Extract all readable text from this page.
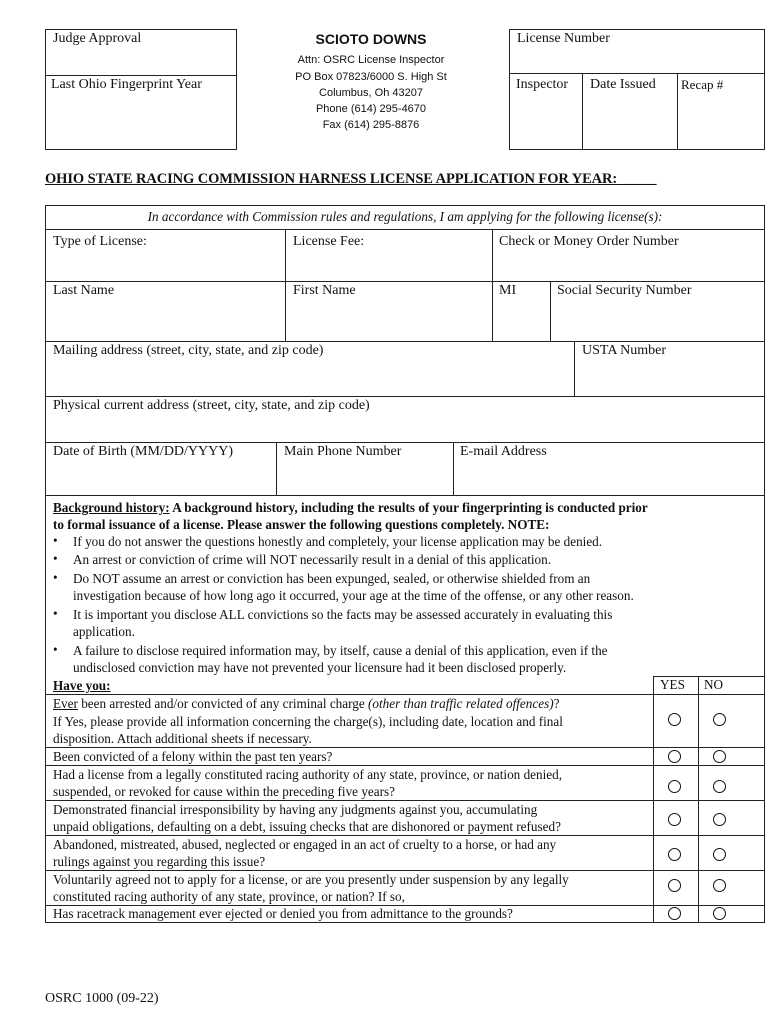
Judge Approval
Last Ohio Fingerprint Year
SCIOTO DOWNS
Attn: OSRC License Inspector
PO Box 07823/6000 S. High St
Columbus, Oh 43207
Phone (614) 295-4670
Fax (614) 295-8876
License Number
Inspector Date Issued Recap #
OHIO STATE RACING COMMISSION HARNESS LICENSE APPLICATION FOR YEAR: _____
In accordance with Commission rules and regulations, I am applying for the following license(s):
Type of License:	License Fee:	Check or Money Order Number
Last Name	First Name	MI	Social Security Number
Mailing address (street, city, state, and zip code)	USTA Number
Physical current address (street, city, state, and zip code)
Date of Birth (MM/DD/YYYY)	Main Phone Number	E-mail Address
Background history: A background history, including the results of your fingerprinting is conducted prior
to formal issuance of a license. Please answer the following questions completely. NOTE:
• If you do not answer the questions honestly and completely, your license application may be denied.
• An arrest or conviction of crime will NOT necessarily result in a denial of this application.
• Do NOT assume an arrest or conviction has been expunged, sealed, or otherwise shielded from an
investigation because of how long ago it occurred, your age at the time of the offense, or any other reason.
• It is important you disclose ALL convictions so the facts may be assessed accurately in evaluating this
application.
• A failure to disclose required information may, by itself, cause a denial of this application, even if the
undisclosed conviction may have not prevented your licensure had it been disclosed properly.
Have you:	YES NO
Ever been arrested and/or convicted of any criminal charge (other than traffic related offences)?
If Yes, please provide all information concerning the charge(s), including date, location and final
disposition. Attach additional sheets if necessary.
Been convicted of a felony within the past ten years?
Had a license from a legally constituted racing authority of any state, province, or nation denied,
suspended, or revoked for cause within the preceding five years?
Demonstrated financial irresponsibility by having any judgments against you, accumulating
unpaid obligations, defaulting on a debt, issuing checks that are dishonored or payment refused?
Abandoned, mistreated, abused, neglected or engaged in an act of cruelty to a horse, or had any
rulings against you regarding this issue?
Voluntarily agreed not to apply for a license, or are you presently under suspension by any legally
constituted racing authority of any state, province, or nation? If so,
Has racetrack management ever ejected or denied you from admittance to the grounds?
OSRC 1000 (09-22)
